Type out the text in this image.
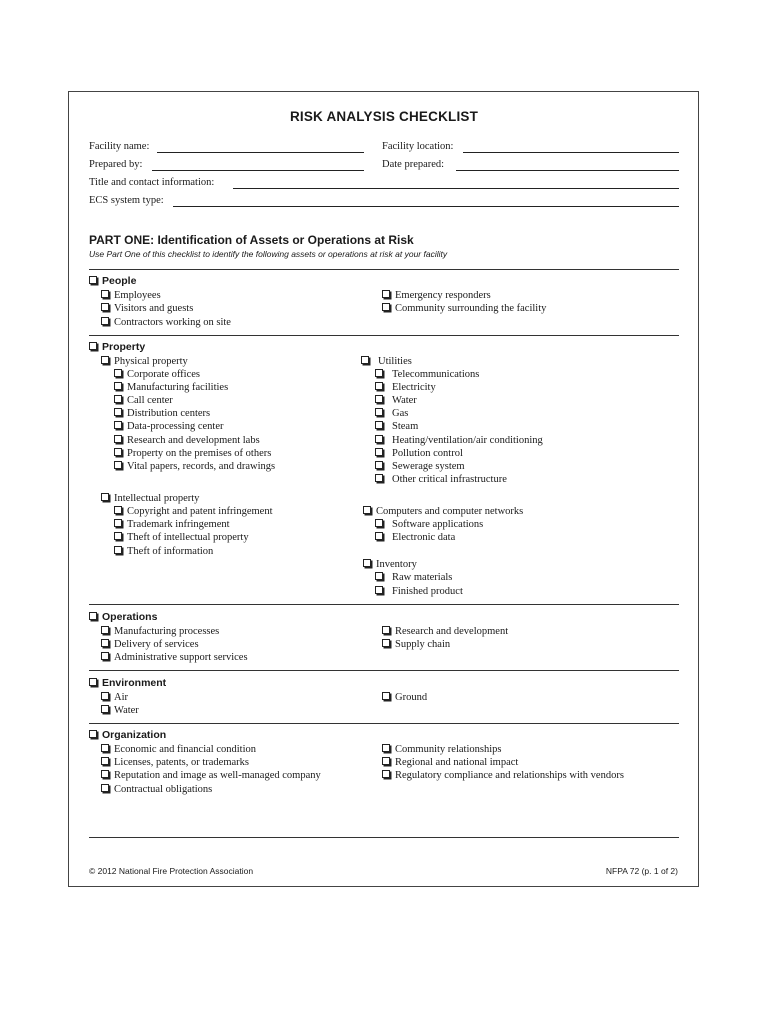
RISK ANALYSIS CHECKLIST
Facility name:	Facility location:
Prepared by:	Date prepared:
Title and contact information:
ECS system type:
PART ONE: Identification of Assets or Operations at Risk
Use Part One of this checklist to identify the following assets or operations at risk at your facility
People
Employees
Visitors and guests
Contractors working on site
Emergency responders
Community surrounding the facility
Property
Physical property
Corporate offices
Manufacturing facilities
Call center
Distribution centers
Data-processing center
Research and development labs
Property on the premises of others
Vital papers, records, and drawings
Intellectual property
Copyright and patent infringement
Trademark infringement
Theft of intellectual property
Theft of information
Utilities
Telecommunications
Electricity
Water
Gas
Steam
Heating/ventilation/air conditioning
Pollution control
Sewerage system
Other critical infrastructure
Computers and computer networks
Software applications
Electronic data
Inventory
Raw materials
Finished product
Operations
Manufacturing processes
Delivery of services
Administrative support services
Research and development
Supply chain
Environment
Air
Water
Ground
Organization
Economic and financial condition
Licenses, patents, or trademarks
Reputation and image as well-managed company
Contractual obligations
Community relationships
Regional and national impact
Regulatory compliance and relationships with vendors
© 2012 National Fire Protection Association	NFPA 72 (p. 1 of 2)
